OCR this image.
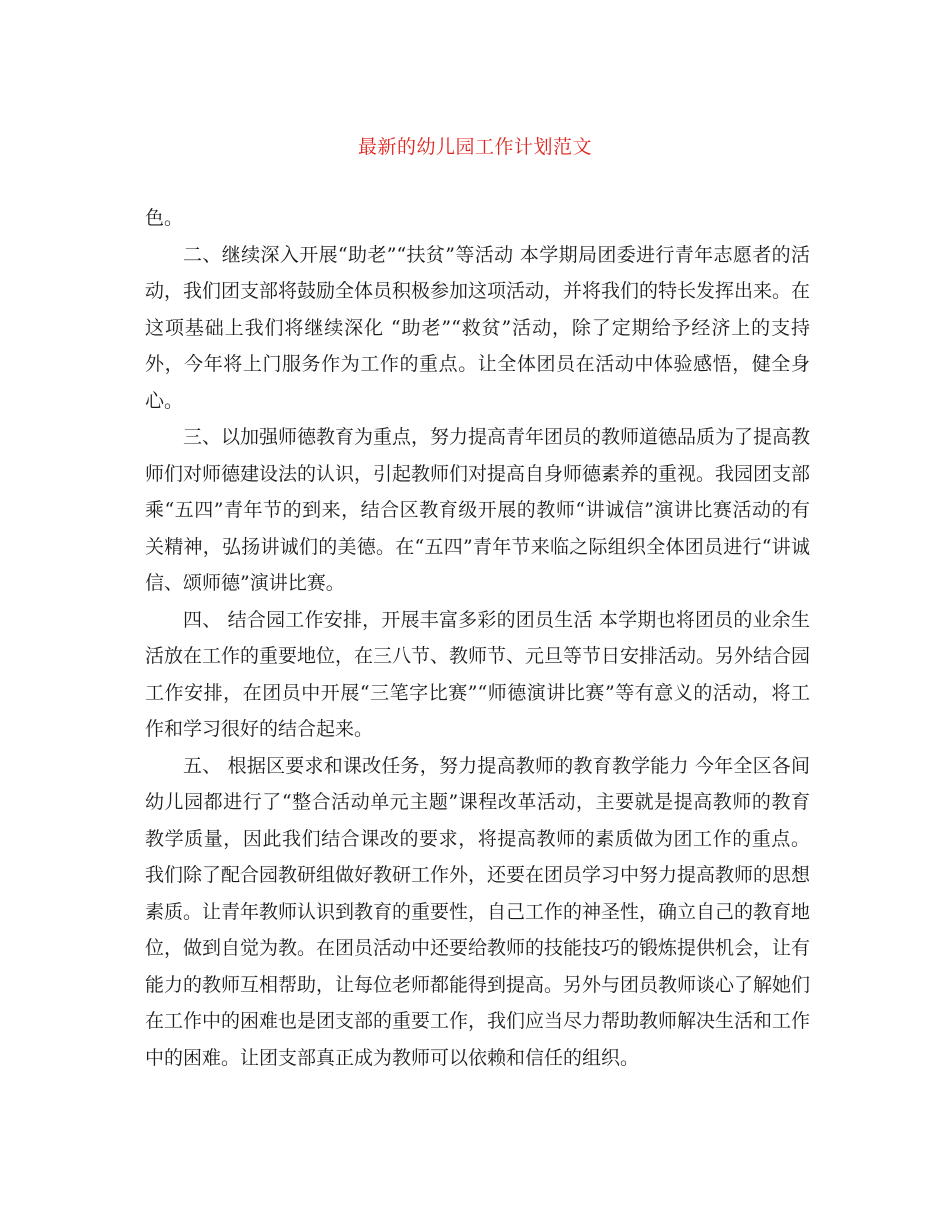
最新的幼儿园工作计划范文

色。

二、继续深入开展“助老”“扶贫”等活动 本学期局团委进行青年志愿者的活动，我们团支部将鼓励全体员积极参加这项活动，并将我们的特长发挥出来。在这项基础上我们将继续深化 “助老”“救贫”活动，除了定期给予经济上的支持外，今年将上门服务作为工作的重点。让全体团员在活动中体验感悟，健全身心。

三、以加强师德教育为重点，努力提高青年团员的教师道德品质为了提高教师们对师德建设法的认识，引起教师们对提高自身师德素养的重视。我园团支部乘“五四”青年节的到来，结合区教育级开展的教师“讲诚信”演讲比赛活动的有关精神，弘扬讲诚们的美德。在“五四”青年节来临之际组织全体团员进行“讲诚信、颂师德”演讲比赛。

四、 结合园工作安排，开展丰富多彩的团员生活 本学期也将团员的业余生活放在工作的重要地位，在三八节、教师节、元旦等节日安排活动。另外结合园工作安排，在团员中开展“三笔字比赛”“师德演讲比赛”等有意义的活动，将工作和学习很好的结合起来。

五、 根据区要求和课改任务，努力提高教师的教育教学能力 今年全区各间幼儿园都进行了“整合活动单元主题”课程改革活动，主要就是提高教师的教育教学质量，因此我们结合课改的要求，将提高教师的素质做为团工作的重点。 我们除了配合园教研组做好教研工作外，还要在团员学习中努力提高教师的思想素质。让青年教师认识到教育的重要性，自己工作的神圣性，确立自己的教育地位，做到自觉为教。在团员活动中还要给教师的技能技巧的锻炼提供机会，让有能力的教师互相帮助，让每位老师都能得到提高。另外与团员教师谈心了解她们在工作中的困难也是团支部的重要工作，我们应当尽力帮助教师解决生活和工作中的困难。让团支部真正成为教师可以依赖和信任的组织。
